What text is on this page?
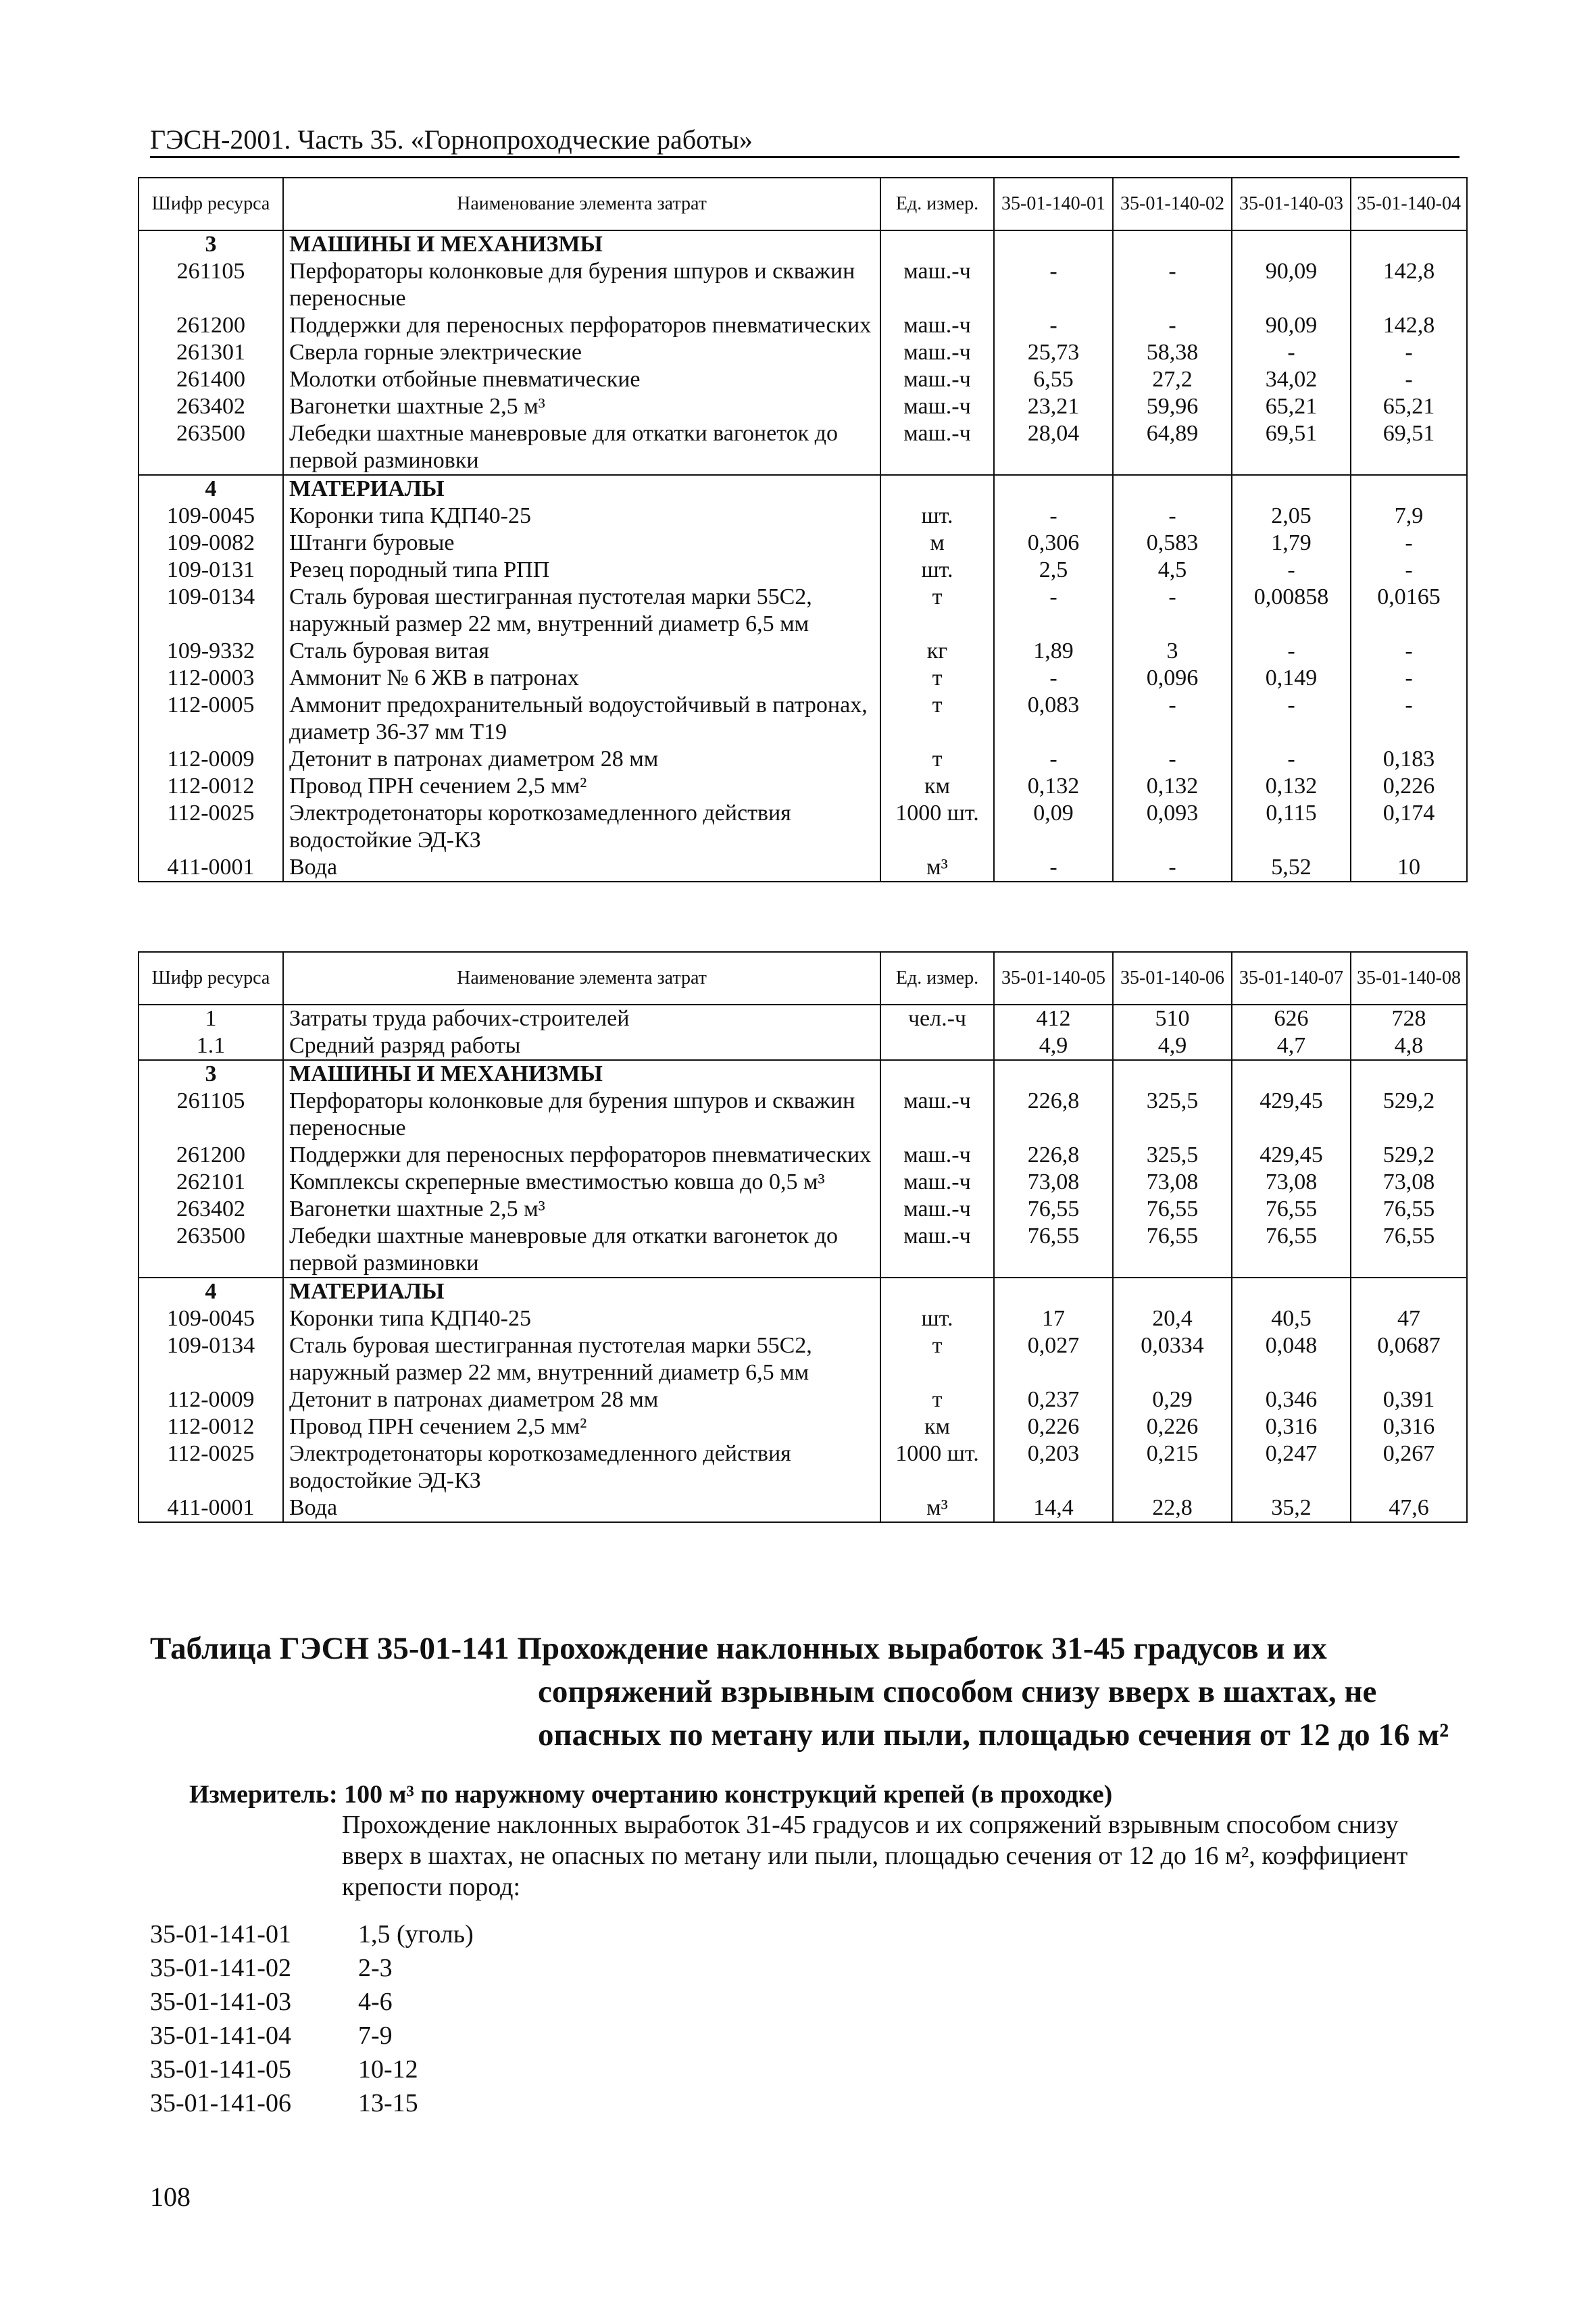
ГЭСН-2001. Часть 35. «Горнопроходческие работы»
Шифр ресурса	Наименование элемента затрат	Ед. измер.	35-01-140-01	35-01-140-02	35-01-140-03	35-01-140-04
3	МАШИНЫ И МЕХАНИЗМЫ					
261105	Перфораторы колонковые для бурения шпуров и скважин переносные	маш.-ч	-	-	90,09	142,8
261200	Поддержки для переносных перфораторов пневматических	маш.-ч	-	-	90,09	142,8
261301	Сверла горные электрические	маш.-ч	25,73	58,38	-	-
261400	Молотки отбойные пневматические	маш.-ч	6,55	27,2	34,02	-
263402	Вагонетки шахтные 2,5 м³	маш.-ч	23,21	59,96	65,21	65,21
263500	Лебедки шахтные маневровые для откатки вагонеток до первой разминовки	маш.-ч	28,04	64,89	69,51	69,51
4	МАТЕРИАЛЫ					
109-0045	Коронки типа КДП40-25	шт.	-	-	2,05	7,9
109-0082	Штанги буровые	м	0,306	0,583	1,79	-
109-0131	Резец породный типа РПП	шт.	2,5	4,5	-	-
109-0134	Сталь буровая шестигранная пустотелая марки 55С2, наружный размер 22 мм, внутренний диаметр 6,5 мм	т	-	-	0,00858	0,0165
109-9332	Сталь буровая витая	кг	1,89	3	-	-
112-0003	Аммонит № 6 ЖВ в патронах	т	-	0,096	0,149	-
112-0005	Аммонит предохранительный водоустойчивый в патронах, диаметр 36-37 мм Т19	т	0,083	-	-	-
112-0009	Детонит в патронах диаметром 28 мм	т	-	-	-	0,183
112-0012	Провод ПРН сечением 2,5 мм²	км	0,132	0,132	0,132	0,226
112-0025	Электродетонаторы короткозамедленного действия водостойкие ЭД-КЗ	1000 шт.	0,09	0,093	0,115	0,174
411-0001	Вода	м³	-	-	5,52	10
Шифр ресурса	Наименование элемента затрат	Ед. измер.	35-01-140-05	35-01-140-06	35-01-140-07	35-01-140-08
1	Затраты труда рабочих-строителей	чел.-ч	412	510	626	728
1.1	Средний разряд работы		4,9	4,9	4,7	4,8
3	МАШИНЫ И МЕХАНИЗМЫ					
261105	Перфораторы колонковые для бурения шпуров и скважин переносные	маш.-ч	226,8	325,5	429,45	529,2
261200	Поддержки для переносных перфораторов пневматических	маш.-ч	226,8	325,5	429,45	529,2
262101	Комплексы скреперные вместимостью ковша до 0,5 м³	маш.-ч	73,08	73,08	73,08	73,08
263402	Вагонетки шахтные 2,5 м³	маш.-ч	76,55	76,55	76,55	76,55
263500	Лебедки шахтные маневровые для откатки вагонеток до первой разминовки	маш.-ч	76,55	76,55	76,55	76,55
4	МАТЕРИАЛЫ					
109-0045	Коронки типа КДП40-25	шт.	17	20,4	40,5	47
109-0134	Сталь буровая шестигранная пустотелая марки 55С2, наружный размер 22 мм, внутренний диаметр 6,5 мм	т	0,027	0,0334	0,048	0,0687
112-0009	Детонит в патронах диаметром 28 мм	т	0,237	0,29	0,346	0,391
112-0012	Провод ПРН сечением 2,5 мм²	км	0,226	0,226	0,316	0,316
112-0025	Электродетонаторы короткозамедленного действия водостойкие ЭД-КЗ	1000 шт.	0,203	0,215	0,247	0,267
411-0001	Вода	м³	14,4	22,8	35,2	47,6
Таблица ГЭСН 35-01-141 Прохождение наклонных выработок 31-45 градусов и их
сопряжений взрывным способом снизу вверх в шахтах, не опасных по метану или пыли, площадью сечения от 12 до 16 м²
Измеритель: 100 м³ по наружному очертанию конструкций крепей (в проходке)
Прохождение наклонных выработок 31-45 градусов и их сопряжений взрывным способом снизу вверх в шахтах, не опасных по метану или пыли, площадью сечения от 12 до 16 м², коэффициент крепости пород:
35-01-141-01	1,5 (уголь)
35-01-141-02	2-3
35-01-141-03	4-6
35-01-141-04	7-9
35-01-141-05	10-12
35-01-141-06	13-15
108
